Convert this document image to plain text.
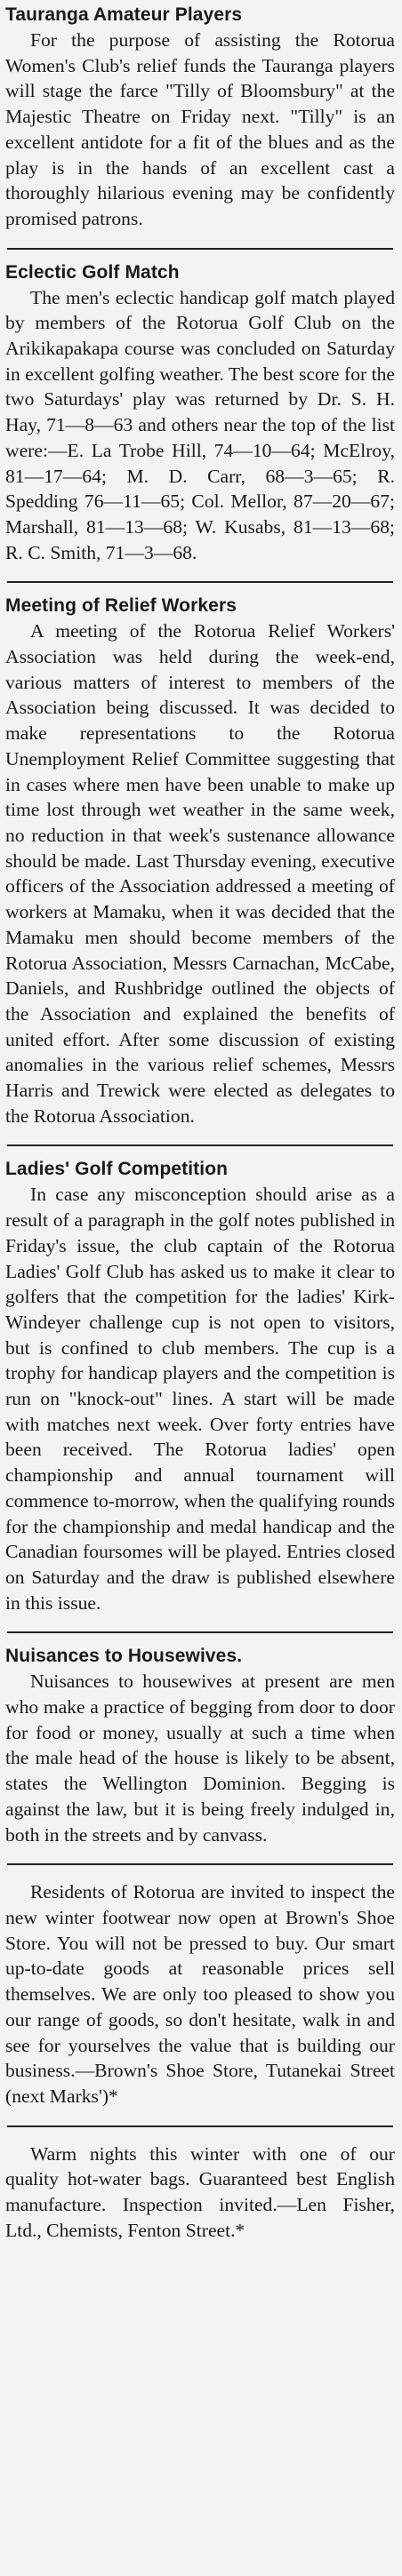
Tauranga Amateur Players

For the purpose of assisting the Rotorua Women's Club's relief funds the Tauranga players will stage the farce "Tilly of Bloomsbury" at the Majestic Theatre on Friday next. "Tilly" is an excellent antidote for a fit of the blues and as the play is in the hands of an excellent cast a thoroughly hilarious evening may be confidently promised patrons.

Eclectic Golf Match

The men's eclectic handicap golf match played by members of the Rotorua Golf Club on the Arikikapakapa course was concluded on Saturday in excellent golfing weather. The best score for the two Saturdays' play was returned by Dr. S. H. Hay, 71—8—63 and others near the top of the list were:—E. La Trobe Hill, 74—10—64; McElroy, 81—17—64; M. D. Carr, 68—3—65; R. Spedding 76—11—65; Col. Mellor, 87—20—67; Marshall, 81—13—68; W. Kusabs, 81—13—68; R. C. Smith, 71—3—68.

Meeting of Relief Workers

A meeting of the Rotorua Relief Workers' Association was held during the week-end, various matters of interest to members of the Association being discussed. It was decided to make representations to the Rotorua Unemployment Relief Committee suggesting that in cases where men have been unable to make up time lost through wet weather in the same week, no reduction in that week's sustenance allowance should be made. Last Thursday evening, executive officers of the Association addressed a meeting of workers at Mamaku, when it was decided that the Mamaku men should become members of the Rotorua Association, Messrs Carnachan, McCabe, Daniels, and Rushbridge outlined the objects of the Association and explained the benefits of united effort. After some discussion of existing anomalies in the various relief schemes, Messrs Harris and Trewick were elected as delegates to the Rotorua Association.

Ladies' Golf Competition

In case any misconception should arise as a result of a paragraph in the golf notes published in Friday's issue, the club captain of the Rotorua Ladies' Golf Club has asked us to make it clear to golfers that the competition for the ladies' Kirk-Windeyer challenge cup is not open to visitors, but is confined to club members. The cup is a trophy for handicap players and the competition is run on "knock-out" lines. A start will be made with matches next week. Over forty entries have been received. The Rotorua ladies' open championship and annual tournament will commence to-morrow, when the qualifying rounds for the championship and medal handicap and the Canadian foursomes will be played. Entries closed on Saturday and the draw is published elsewhere in this issue.

Nuisances to Housewives.

Nuisances to housewives at present are men who make a practice of begging from door to door for food or money, usually at such a time when the male head of the house is likely to be absent, states the Wellington Dominion. Begging is against the law, but it is being freely indulged in, both in the streets and by canvass.

Residents of Rotorua are invited to inspect the new winter footwear now open at Brown's Shoe Store. You will not be pressed to buy. Our smart up-to-date goods at reasonable prices sell themselves. We are only too pleased to show you our range of goods, so don't hesitate, walk in and see for yourselves the value that is building our business.—Brown's Shoe Store, Tutanekai Street (next Marks')*

Warm nights this winter with one of our quality hot-water bags. Guaranteed best English manufacture. Inspection invited.—Len Fisher, Ltd., Chemists, Fenton Street.*
